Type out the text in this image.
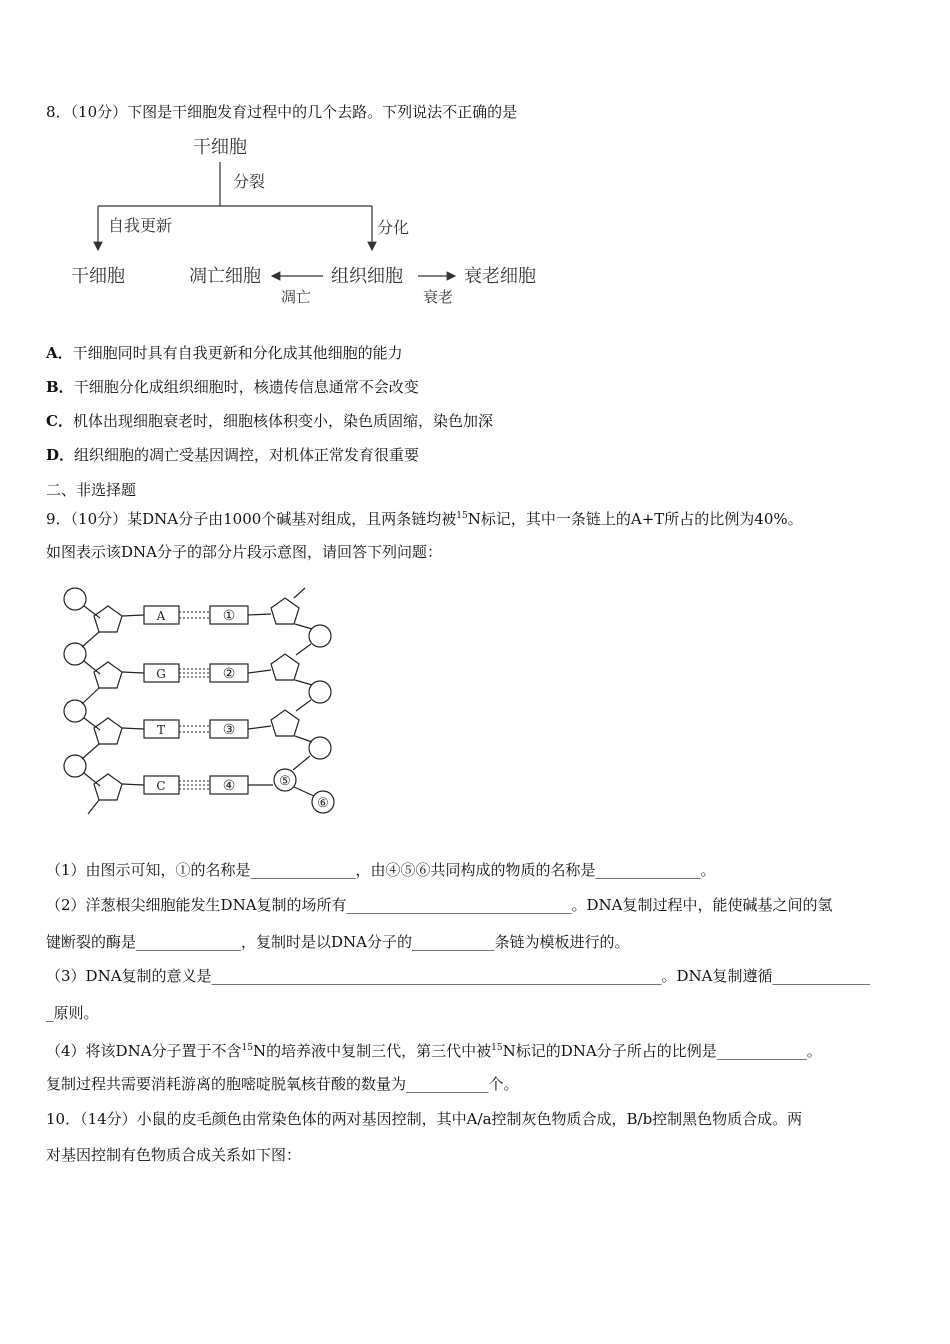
8．（10分）下图是干细胞发育过程中的几个去路。下列说法不正确的是
干细胞
分裂
自我更新	分化
干细胞	凋亡细胞	组织细胞	衰老细胞
凋亡	衰老
A．干细胞同时具有自我更新和分化成其他细胞的能力
B．干细胞分化成组织细胞时，核遗传信息通常不会改变
C．机体出现细胞衰老时，细胞核体积变小，染色质固缩，染色加深
D．组织细胞的凋亡受基因调控，对机体正常发育很重要
二、非选择题
9．（10分）某DNA分子由1000个碱基对组成，且两条链均被$^{15}$N标记，其中一条链上的A+T所占的比例为40%。
如图表示该DNA分子的部分片段示意图，请回答下列问题：
A
G
T
C
①
②
③
④	⑤
⑥
（1）由图示可知，①的名称是______________，由④⑤⑥共同构成的物质的名称是______________。
（2）洋葱根尖细胞能发生DNA复制的场所有______________________________。DNA复制过程中，能使碱基之间的氢
键断裂的酶是______________，复制时是以DNA分子的___________条链为模板进行的。
（3）DNA复制的意义是____________________________________________________________。DNA复制遵循_____________
_原则。
（4）将该DNA分子置于不含$^{15}$N的培养液中复制三代，第三代中被$^{15}$N标记的DNA分子所占的比例是____________。
复制过程共需要消耗游离的胞嘧啶脱氧核苷酸的数量为___________个。
10．（14分）小鼠的皮毛颜色由常染色体的两对基因控制，其中A/a控制灰色物质合成，B/b控制黑色物质合成。两
对基因控制有色物质合成关系如下图：
